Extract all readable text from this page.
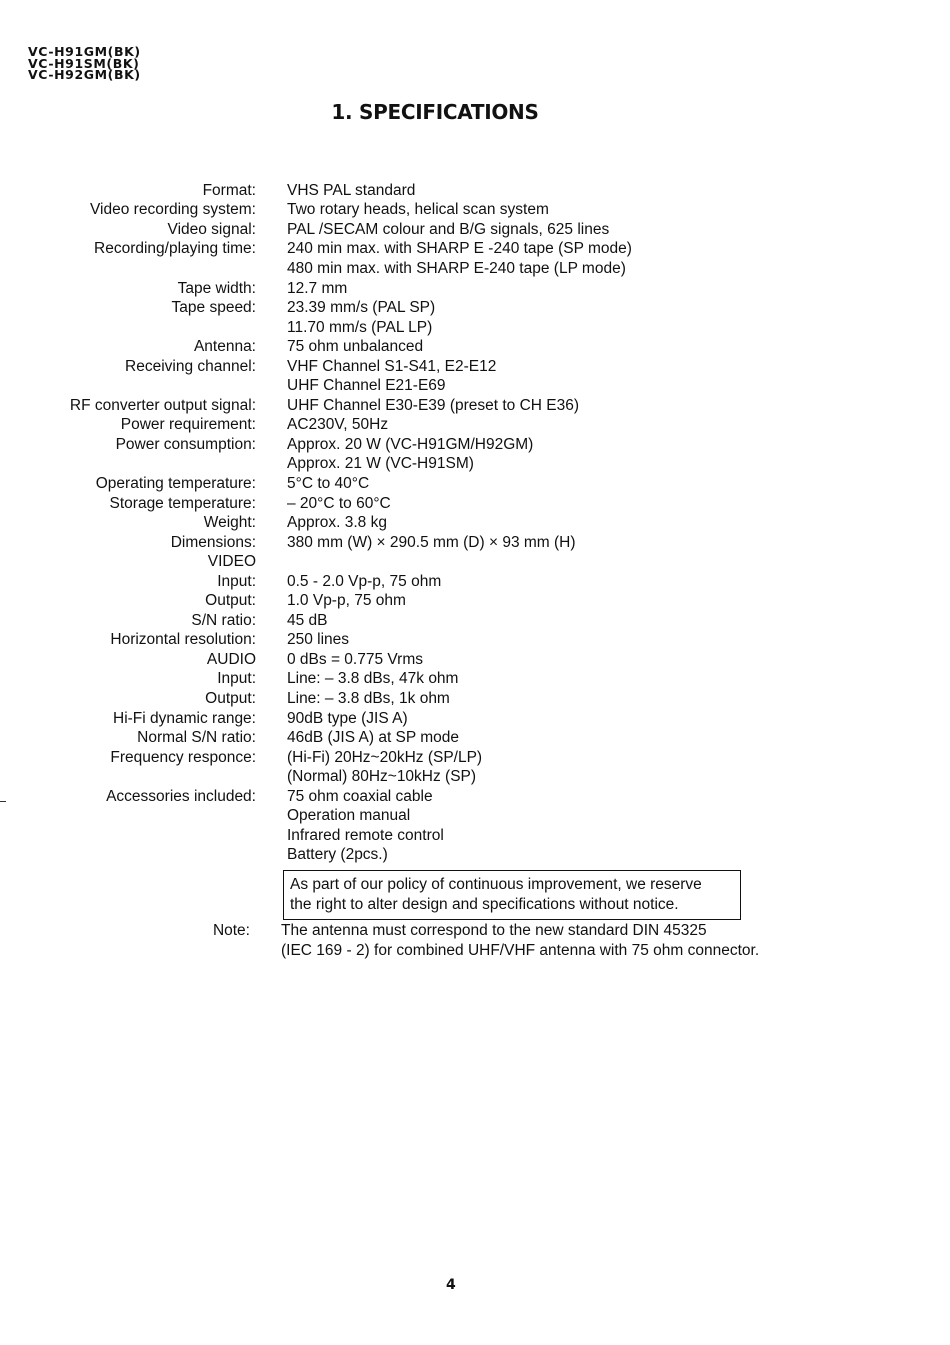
VC-H91GM(BK)
VC-H91SM(BK)
VC-H92GM(BK)
1. SPECIFICATIONS
Format: VHS PAL standard
Video recording system: Two rotary heads, helical scan system
Video signal: PAL /SECAM colour and B/G signals, 625 lines
Recording/playing time: 240 min max. with SHARP E -240 tape (SP mode)
480 min max. with SHARP E-240 tape (LP mode)
Tape width: 12.7 mm
Tape speed: 23.39 mm/s (PAL SP)
11.70 mm/s (PAL LP)
Antenna: 75 ohm unbalanced
Receiving channel: VHF Channel S1-S41, E2-E12
UHF Channel E21-E69
RF converter output signal: UHF Channel E30-E39 (preset to CH E36)
Power requirement: AC230V, 50Hz
Power consumption: Approx. 20 W (VC-H91GM/H92GM)
Approx. 21 W (VC-H91SM)
Operating temperature: 5°C to 40°C
Storage temperature: – 20°C to 60°C
Weight: Approx. 3.8 kg
Dimensions: 380 mm (W) × 290.5 mm (D) × 93 mm (H)
VIDEO
Input: 0.5 - 2.0 Vp-p, 75 ohm
Output: 1.0 Vp-p, 75 ohm
S/N ratio: 45 dB
Horizontal resolution: 250 lines
AUDIO 0 dBs = 0.775 Vrms
Input: Line: – 3.8 dBs, 47k ohm
Output: Line: – 3.8 dBs, 1k ohm
Hi-Fi dynamic range: 90dB type (JIS A)
Normal S/N ratio: 46dB (JIS A) at SP mode
Frequency responce: (Hi-Fi) 20Hz~20kHz (SP/LP)
(Normal) 80Hz~10kHz (SP)
Accessories included: 75 ohm coaxial cable
Operation manual
Infrared remote control
Battery (2pcs.)
As part of our policy of continuous improvement, we reserve
the right to alter design and specifications without notice.
Note: The antenna must correspond to the new standard DIN 45325
(IEC 169 - 2) for combined UHF/VHF antenna with 75 ohm connector.
4
